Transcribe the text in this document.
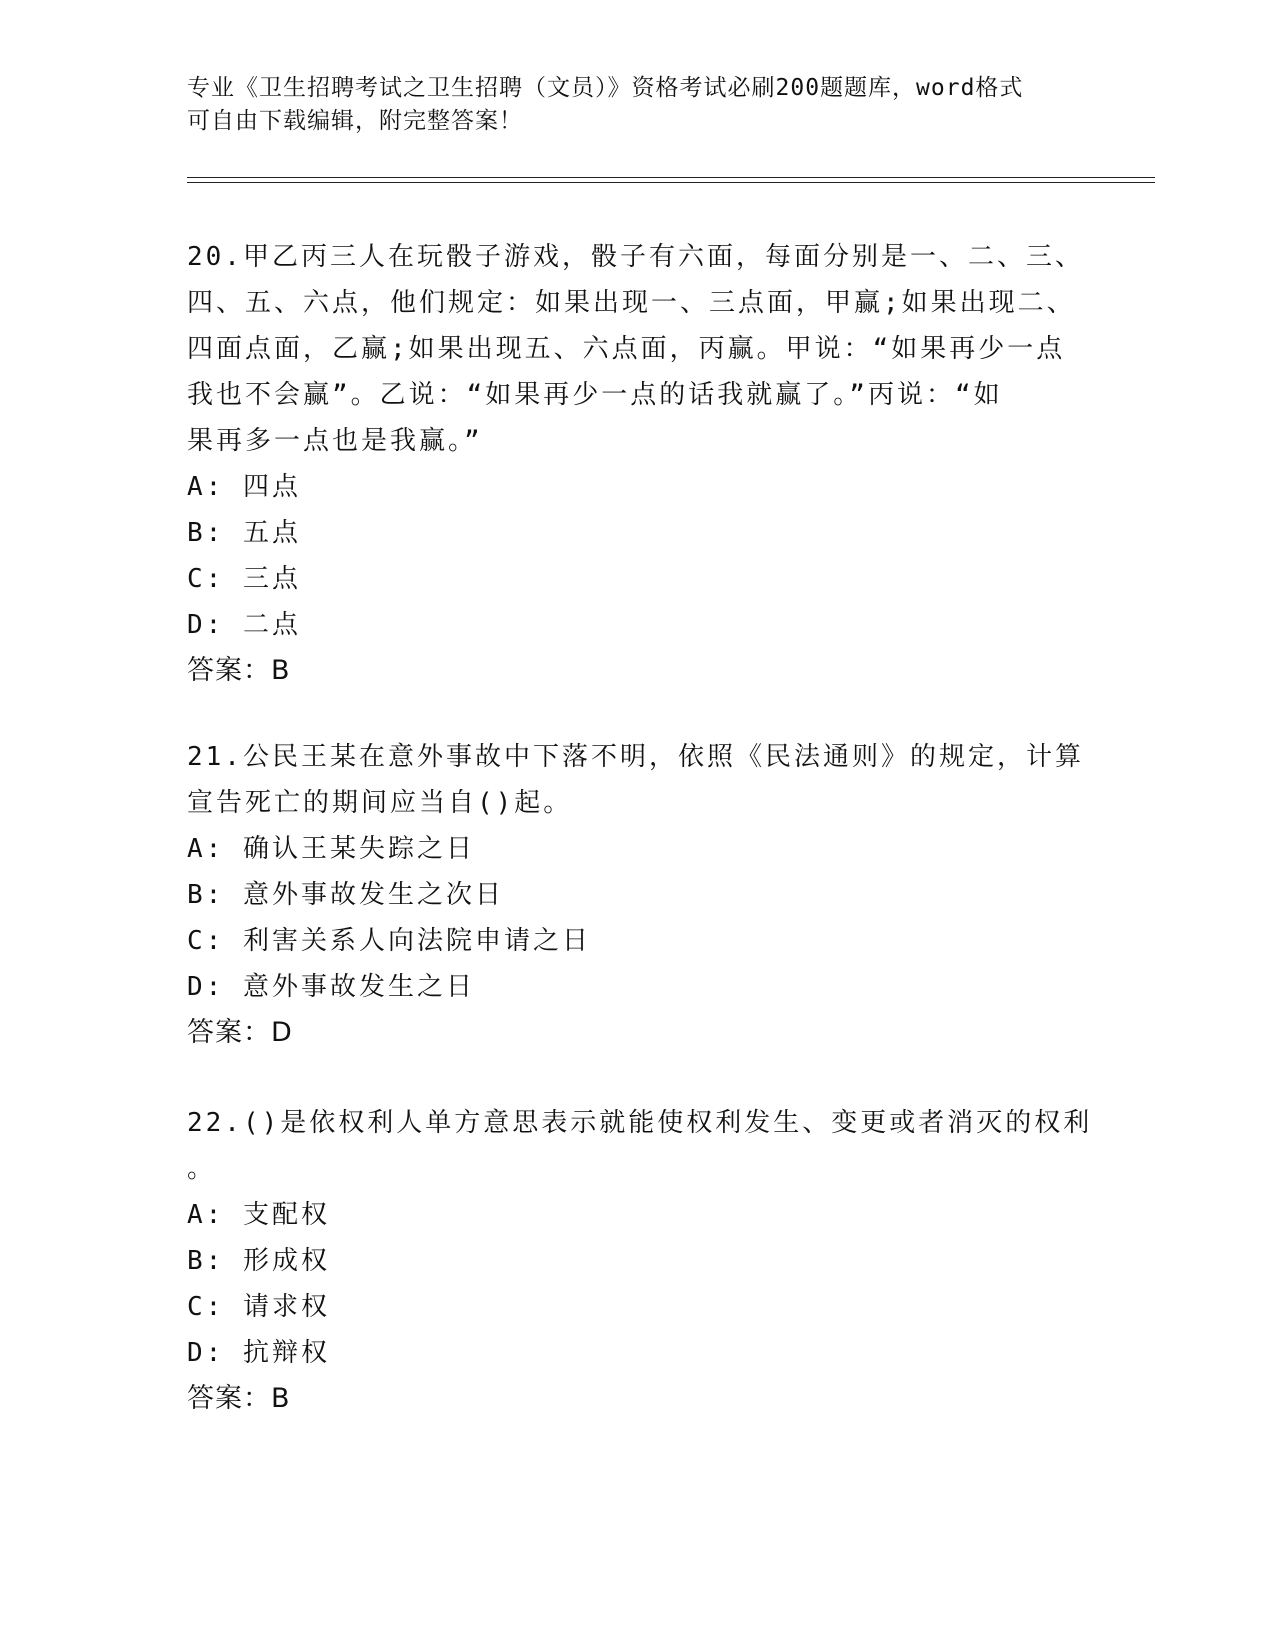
专业《卫生招聘考试之卫生招聘（文员）》资格考试必刷200题题库，word格式
可自由下载编辑，附完整答案！
20.甲乙丙三人在玩骰子游戏，骰子有六面，每面分别是一、二、三、
四、五、六点，他们规定：如果出现一、三点面，甲赢;如果出现二、
四面点面，乙赢;如果出现五、六点面，丙赢。甲说：“如果再少一点
我也不会赢”。乙说：“如果再少一点的话我就赢了。”丙说：“如
果再多一点也是我赢。”
A: 四点
B: 五点
C: 三点
D: 二点
答案：B
21.公民王某在意外事故中下落不明，依照《民法通则》的规定，计算
宣告死亡的期间应当自()起。
A: 确认王某失踪之日
B: 意外事故发生之次日
C: 利害关系人向法院申请之日
D: 意外事故发生之日
答案：D
22.()是依权利人单方意思表示就能使权利发生、变更或者消灭的权利
。
A: 支配权
B: 形成权
C: 请求权
D: 抗辩权
答案：B
